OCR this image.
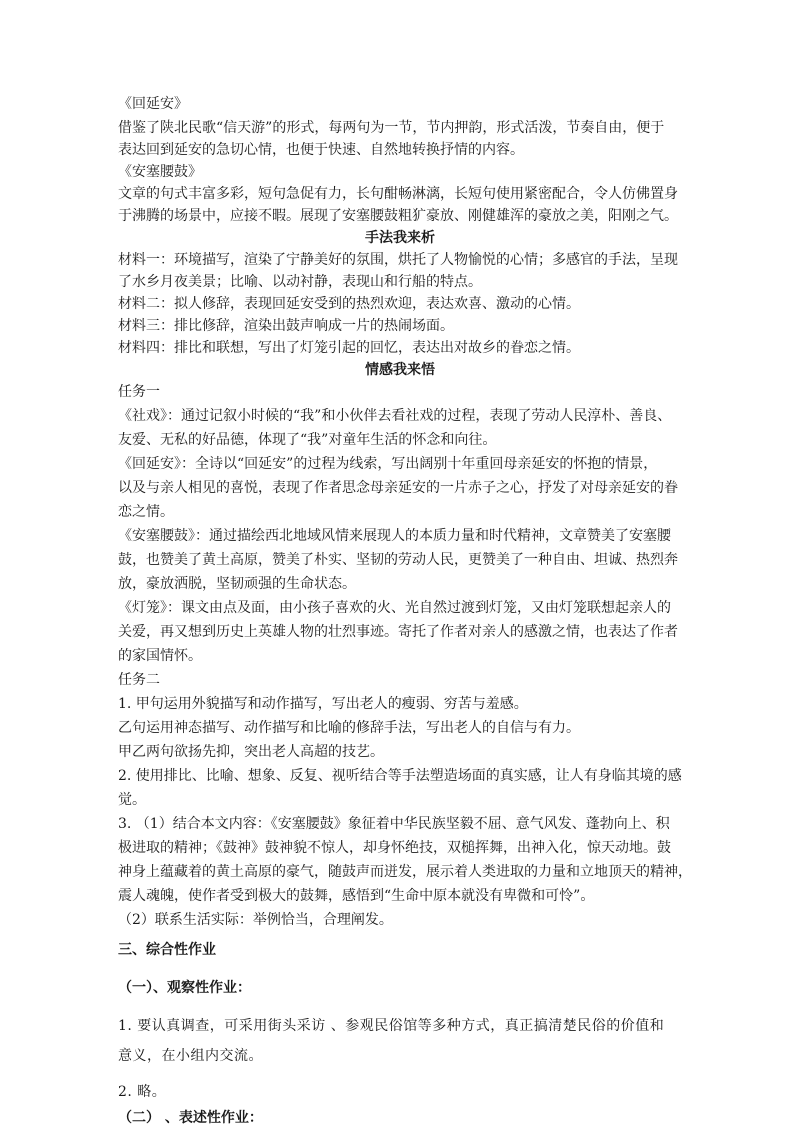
《回延安》
借鉴了陕北民歌“信天游”的形式，每两句为一节，节内押韵，形式活泼，节奏自由，便于
表达回到延安的急切心情，也便于快速、自然地转换抒情的内容。
《安塞腰鼓》
文章的句式丰富多彩，短句急促有力，长句酣畅淋漓，长短句使用紧密配合，令人仿佛置身
于沸腾的场景中，应接不暇。展现了安塞腰鼓粗犷豪放、刚健雄浑的豪放之美，阳刚之气。
手法我来析
材料一：环境描写，渲染了宁静美好的氛围，烘托了人物愉悦的心情；多感官的手法，呈现
了水乡月夜美景；比喻、以动衬静，表现山和行船的特点。
材料二：拟人修辞，表现回延安受到的热烈欢迎，表达欢喜、激动的心情。
材料三：排比修辞，渲染出鼓声响成一片的热闹场面。
材料四：排比和联想，写出了灯笼引起的回忆，表达出对故乡的眷恋之情。
情感我来悟
任务一
《社戏》：通过记叙小时候的“我”和小伙伴去看社戏的过程，表现了劳动人民淳朴、善良、
友爱、无私的好品德，体现了“我”对童年生活的怀念和向往。
《回延安》：全诗以“回延安”的过程为线索，写出阔别十年重回母亲延安的怀抱的情景，
以及与亲人相见的喜悦，表现了作者思念母亲延安的一片赤子之心，抒发了对母亲延安的眷
恋之情。
《安塞腰鼓》：通过描绘西北地域风情来展现人的本质力量和时代精神，文章赞美了安塞腰
鼓，也赞美了黄土高原，赞美了朴实、坚韧的劳动人民，更赞美了一种自由、坦诚、热烈奔
放，豪放洒脱，坚韧顽强的生命状态。
《灯笼》：课文由点及面，由小孩子喜欢的火、光自然过渡到灯笼，又由灯笼联想起亲人的
关爱，再又想到历史上英雄人物的壮烈事迹。寄托了作者对亲人的感激之情，也表达了作者
的家国情怀。
任务二
1. 甲句运用外貌描写和动作描写，写出老人的瘦弱、穷苦与羞感。
乙句运用神态描写、动作描写和比喻的修辞手法，写出老人的自信与有力。
甲乙两句欲扬先抑，突出老人高超的技艺。
2. 使用排比、比喻、想象、反复、视听结合等手法塑造场面的真实感，让人有身临其境的感
觉。
3. （1）结合本文内容：《安塞腰鼓》象征着中华民族坚毅不屈、意气风发、蓬勃向上、积
极进取的精神；《鼓神》鼓神貌不惊人，却身怀绝技，双槌挥舞，出神入化，惊天动地。鼓
神身上蕴藏着的黄土高原的豪气，随鼓声而迸发，展示着人类进取的力量和立地顶天的精神，
震人魂魄，使作者受到极大的鼓舞，感悟到“生命中原本就没有卑微和可怜”。
（2）联系生活实际：举例恰当，合理阐发。
三、综合性作业
（一）、观察性作业：
1. 要认真调查，可采用街头采访 、参观民俗馆等多种方式，真正搞清楚民俗的价值和
意义，在小组内交流。
2. 略。
（二） 、表述性作业：
